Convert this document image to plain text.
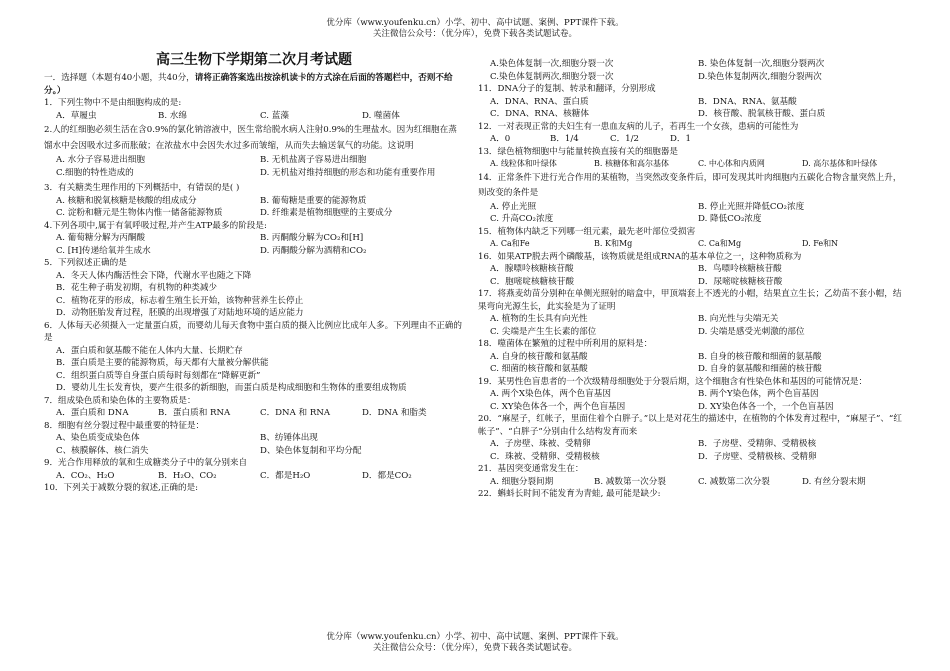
优分库（www.youfenku.cn）小学、初中、高中试题、案例、PPT课件下载。
关注微信公众号：（优分库），免费下载各类试题试卷。
高三生物下学期第二次月考试题
一．选择题（本题有40小题，共40分，请将正确答案选出按涂机读卡的方式涂在后面的答题栏中，否则不给分。）
1．下列生物中不是由细胞构成的是:
A．草履虫	B. 水绵	C. 蓝藻	D. 噬菌体
2.人的红细胞必须生活在含0.9%的氯化钠溶液中，医生常给脱水病人注射0.9%的生理盐水。因为红细胞在蒸馏水中会因吸水过多而胀破；在浓盐水中会因失水过多而皱缩，从而失去输送氧气的功能。这说明
A. 水分子容易进出细胞	B. 无机盐离子容易进出细胞
C.细胞的特性造成的	D. 无机盐对维持细胞的形态和功能有重要作用
3．有关糖类生理作用的下列概括中，有错误的是( )
A. 核糖和脱氧核糖是核酸的组成成分	B. 葡萄糖是重要的能源物质
C. 淀粉和糖元是生物体内惟一储备能源物质	D. 纤维素是植物细胞壁的主要成分
4.下列各项中,属于有氧呼吸过程,并产生ATP最多的阶段是:
A. 葡萄糖分解为丙酮酸	B. 丙酮酸分解为CO₂和[H]
C. [H]传递给氧并生成水	D. 丙酮酸分解为酒精和CO₂
5．下列叙述正确的是
A．冬天人体内酶活性会下降，代谢水平也随之下降
B．花生种子萌发初期，有机物的种类减少
C．植物花芽的形成，标志着生殖生长开始，该物种营养生长停止
D．动物胚胎发育过程，胚膜的出现增强了对陆地环境的适应能力
6．人体每天必须摄入一定量蛋白质，而婴幼儿每天食物中蛋白质的摄入比例应比成年人多。下列理由不正确的是
A．蛋白质和氨基酸不能在人体内大量、长期贮存
B．蛋白质是主要的能源物质，每天都有大量被分解供能
C．组织蛋白质等自身蛋白质每时每刻都在“降解更新”
D．婴幼儿生长发育快，要产生很多的新细胞，而蛋白质是构成细胞和生物体的重要组成物质
7．组成染色质和染色体的主要物质是：
A．蛋白质和 DNA	B．蛋白质和 RNA	C．DNA 和 RNA	D．DNA 和脂类
8．细胞有丝分裂过程中最重要的特征是：
A、染色质变成染色体	B、纺锤体出现
C、核膜解体、核仁消失	D、染色体复制和平均分配
9．光合作用释放的氧和生成糖类分子中的氧分别来自
A．CO₂、H₂O	B．H₂O、CO₂	C．都是H₂O	D．都是CO₂
10．下列关于减数分裂的叙述,正确的是:
A.染色体复制一次,细胞分裂一次	B. 染色体复制一次,细胞分裂两次
C.染色体复制两次,细胞分裂一次	D.染色体复制两次,细胞分裂两次
11．DNA分子的复制、转录和翻译，分别形成
A．DNA、RNA、蛋白质	B．DNA、RNA、氨基酸
C．DNA、RNA、核糖体	D．核苷酸、脱氧核苷酸、蛋白质
12．一对表现正常的夫妇生有一患血友病的儿子，若再生一个女孩，患病的可能性为
A．0	B．1/4	C．1/2	D．1
13．绿色植物细胞中与能量转换直接有关的细胞器是
A. 线粒体和叶绿体	B. 核糖体和高尔基体	C. 中心体和内质网	D. 高尔基体和叶绿体
14．正常条件下进行光合作用的某植物，当突然改变条件后，即可发现其叶肉细胞内五碳化合物含量突然上升，则改变的条件是
A. 停止光照	B. 停止光照并降低CO₂浓度
C. 升高CO₂浓度	D. 降低CO₂浓度
15．植物体内缺乏下列哪一组元素，最先老叶部位受损害
A. Ca和Fe	B. K和Mg	C. Ca和Mg	D. Fe和N
16．如果ATP脱去两个磷酸基，该物质就是组成RNA的基本单位之一，这种物质称为
A．腺嘌呤核糖核苷酸	B．鸟嘌呤核糖核苷酸
C．胞嘧啶核糖核苷酸	D．尿嘧啶核糖核苷酸
17．将燕麦幼苗分别种在单侧光照射的暗盒中，甲顶端套上不透光的小帽，结果直立生长；乙幼苗不套小帽，结果弯向光源生长，此实验是为了证明
A. 植物的生长具有向光性	B. 向光性与尖端无关
C. 尖端是产生生长素的部位	D. 尖端是感受光刺激的部位
18．噬菌体在繁殖的过程中所利用的原料是：
A. 自身的核苷酸和氨基酸	B. 自身的核苷酸和细菌的氨基酸
C. 细菌的核苷酸和氨基酸	D. 自身的氨基酸和细菌的核苷酸
19．某男性色盲患者的一个次级精母细胞处于分裂后期，这个细胞含有性染色体和基因的可能情况是：
A. 两个X染色体，两个色盲基因	B. 两个Y染色体，两个色盲基因
C. XY染色体各一个，两个色盲基因	D. XY染色体各一个，一个色盲基因
20．“麻屋子，红帐子，里面住着个白胖子。”以上是对花生的描述中，在植物的个体发育过程中，“麻屋子”、“红帐子”、“白胖子”分别由什么结构发育而来
A．子房壁、珠被、受精卵	B．子房壁、受精卵、受精极核
C．珠被、受精卵、受精极核	D．子房壁、受精极核、受精卵
21．基因突变通常发生在：
A. 细胞分裂间期	B. 减数第一次分裂	C. 减数第二次分裂	D. 有丝分裂末期
22．蝌蚪长时间不能发育为青蛙, 最可能是缺少:
优分库（www.youfenku.cn）小学、初中、高中试题、案例、PPT课件下载。
关注微信公众号：（优分库），免费下载各类试题试卷。
